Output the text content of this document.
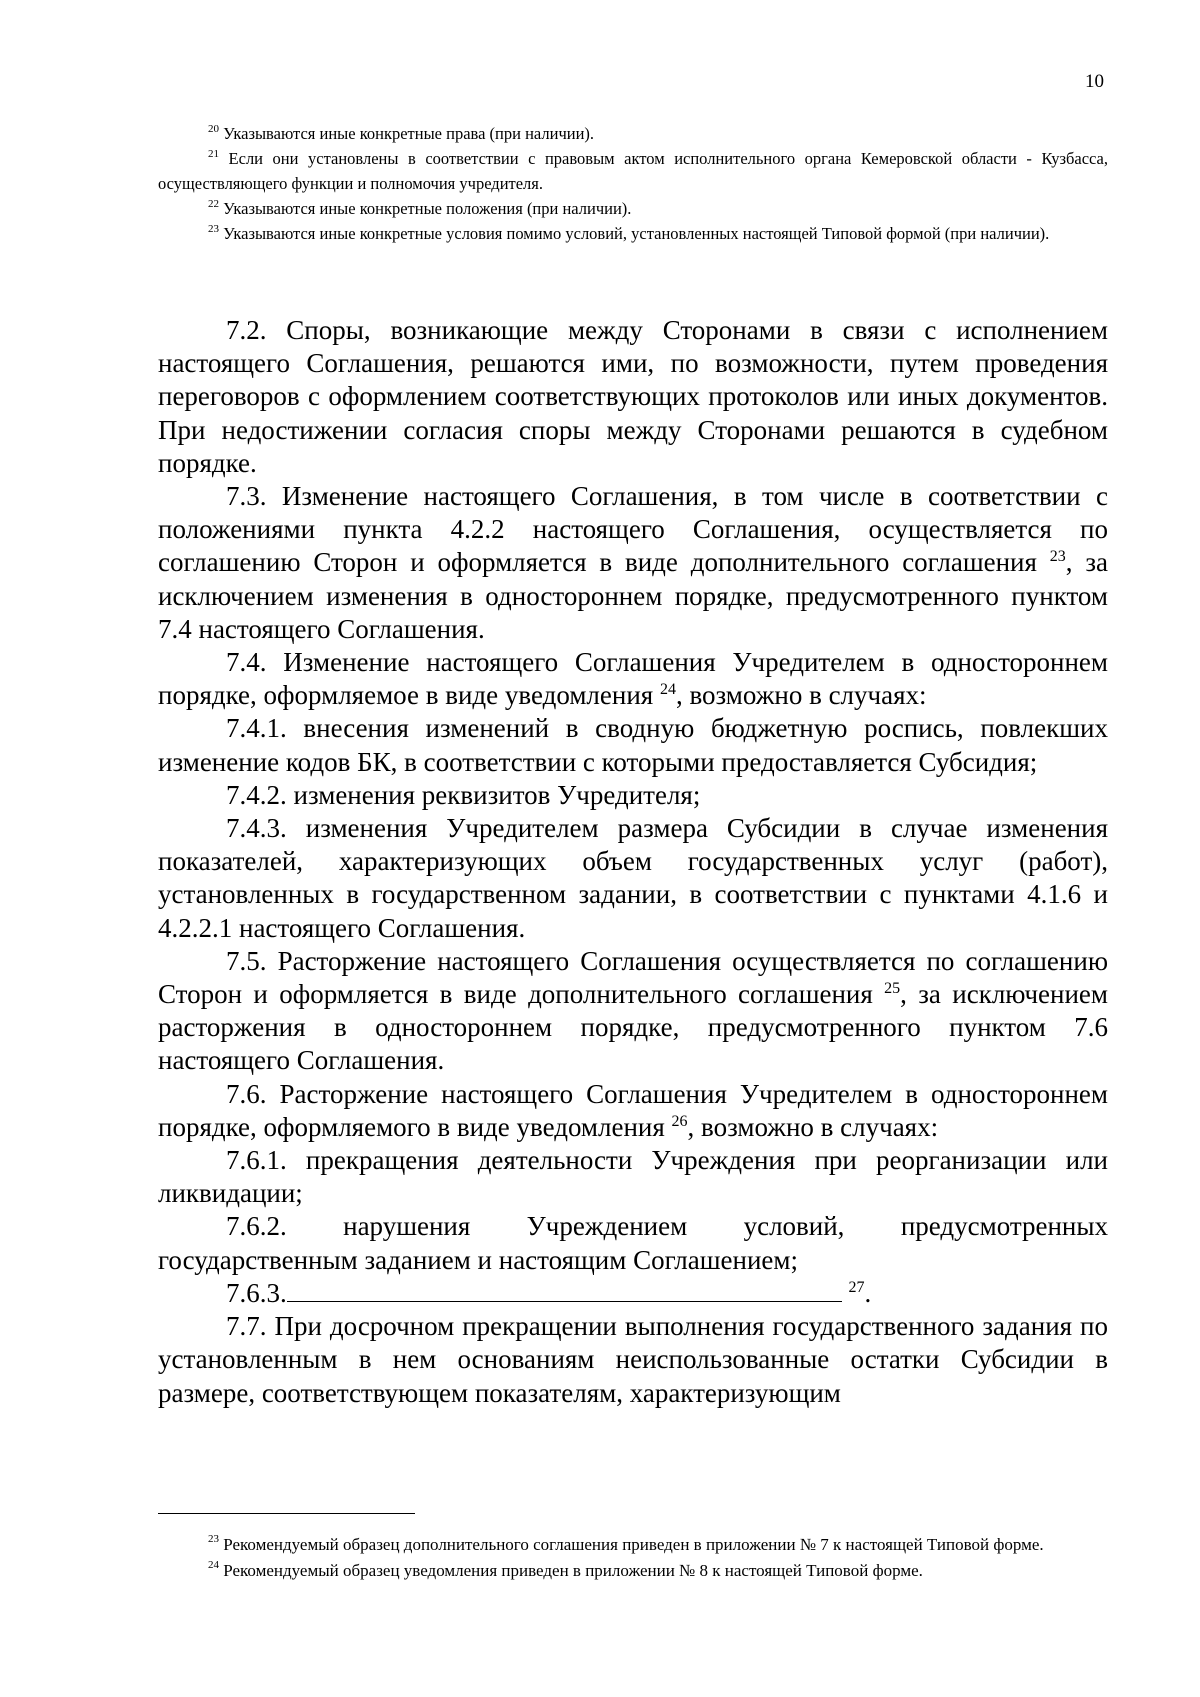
10

$^{20}$ Указываются иные конкретные права (при наличии).

$^{21}$ Если они установлены в соответствии с правовым актом исполнительного органа Кемеровской области - Кузбасса, осуществляющего функции и полномочия учредителя.

$^{22}$ Указываются иные конкретные положения (при наличии).

$^{23}$ Указываются иные конкретные условия помимо условий, установленных настоящей Типовой формой (при наличии).

7.2. Споры, возникающие между Сторонами в связи с исполнением настоящего Соглашения, решаются ими, по возможности, путем проведения переговоров с оформлением соответствующих протоколов или иных документов. При недостижении согласия споры между Сторонами решаются в судебном порядке.

7.3. Изменение настоящего Соглашения, в том числе в соответствии с положениями пункта 4.2.2 настоящего Соглашения, осуществляется по соглашению Сторон и оформляется в виде дополнительного соглашения $^{23}$, за исключением изменения в одностороннем порядке, предусмотренного пунктом 7.4 настоящего Соглашения.

7.4. Изменение настоящего Соглашения Учредителем в одностороннем порядке, оформляемое в виде уведомления $^{24}$, возможно в случаях:

7.4.1. внесения изменений в сводную бюджетную роспись, повлекших изменение кодов БК, в соответствии с которыми предоставляется Субсидия;

7.4.2. изменения реквизитов Учредителя;

7.4.3. изменения Учредителем размера Субсидии в случае изменения показателей, характеризующих объем государственных услуг (работ), установленных в государственном задании, в соответствии с пунктами 4.1.6 и 4.2.2.1 настоящего Соглашения.

7.5. Расторжение настоящего Соглашения осуществляется по соглашению Сторон и оформляется в виде дополнительного соглашения $^{25}$, за исключением расторжения в одностороннем порядке, предусмотренного пунктом 7.6 настоящего Соглашения.

7.6. Расторжение настоящего Соглашения Учредителем в одностороннем порядке, оформляемого в виде уведомления $^{26}$, возможно в случаях:

7.6.1. прекращения деятельности Учреждения при реорганизации или ликвидации;

7.6.2. нарушения Учреждением условий, предусмотренных государственным заданием и настоящим Соглашением;

7.6.3.	$^{27}$.

7.7. При досрочном прекращении выполнения государственного задания по установленным в нем основаниям неиспользованные остатки Субсидии в размере, соответствующем показателям, характеризующим

$^{23}$ Рекомендуемый образец дополнительного соглашения приведен в приложении № 7 к настоящей Типовой форме.

$^{24}$ Рекомендуемый образец уведомления приведен в приложении № 8 к настоящей Типовой форме.
